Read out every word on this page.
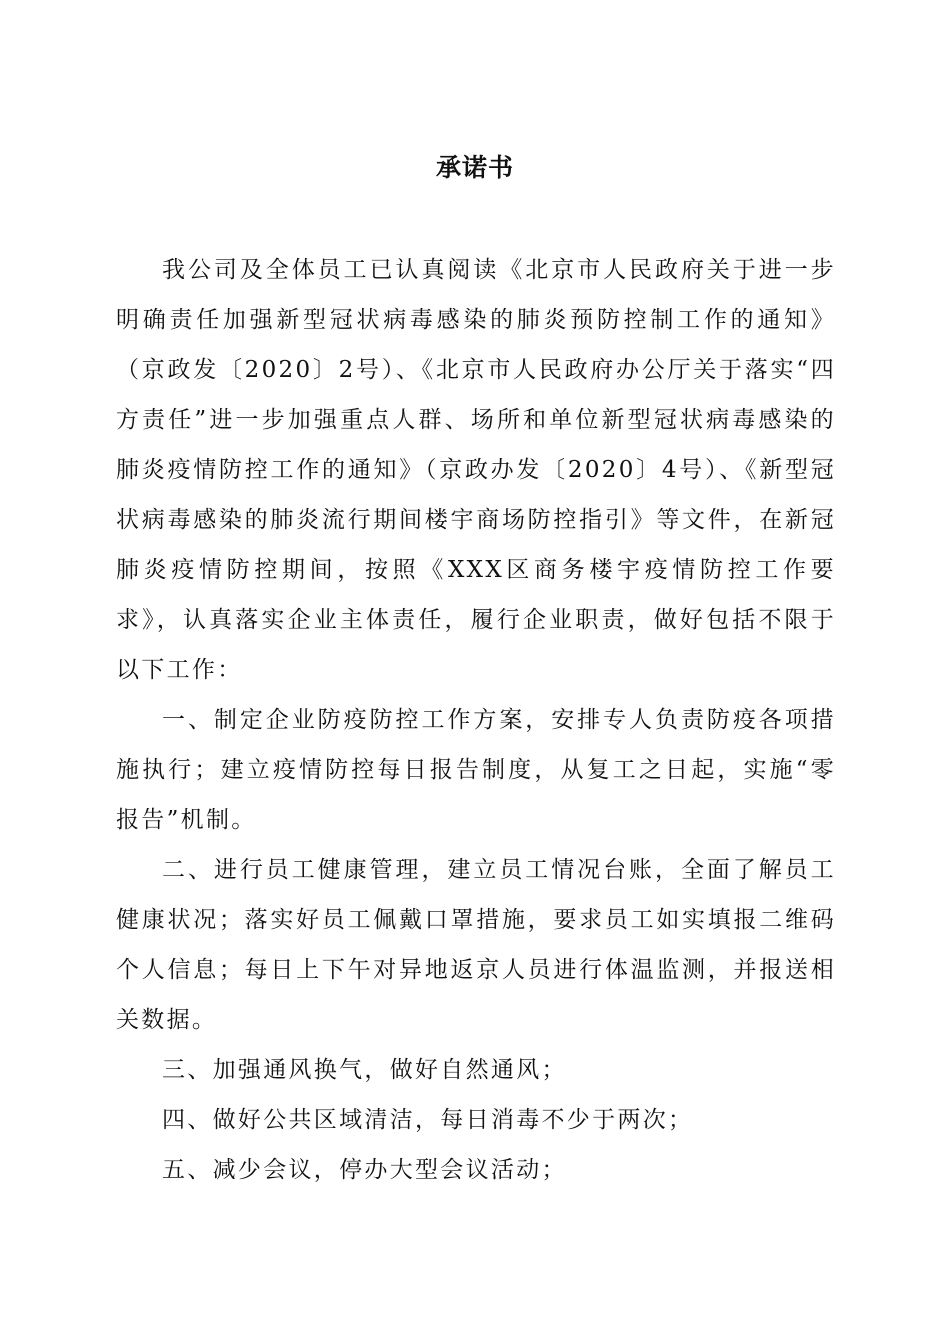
承诺书

我公司及全体员工已认真阅读《北京市人民政府关于进一步明确责任加强新型冠状病毒感染的肺炎预防控制工作的通知》（京政发〔2020〕2号）、《北京市人民政府办公厅关于落实“四方责任”进一步加强重点人群、场所和单位新型冠状病毒感染的肺炎疫情防控工作的通知》（京政办发〔2020〕4号）、《新型冠状病毒感染的肺炎流行期间楼宇商场防控指引》等文件，在新冠肺炎疫情防控期间，按照《XXX区商务楼宇疫情防控工作要求》，认真落实企业主体责任，履行企业职责，做好包括不限于以下工作：

一、制定企业防疫防控工作方案，安排专人负责防疫各项措施执行；建立疫情防控每日报告制度，从复工之日起，实施“零报告”机制。

二、进行员工健康管理，建立员工情况台账，全面了解员工健康状况；落实好员工佩戴口罩措施，要求员工如实填报二维码个人信息；每日上下午对异地返京人员进行体温监测，并报送相关数据。

三、加强通风换气，做好自然通风；

四、做好公共区域清洁，每日消毒不少于两次；

五、减少会议，停办大型会议活动；
